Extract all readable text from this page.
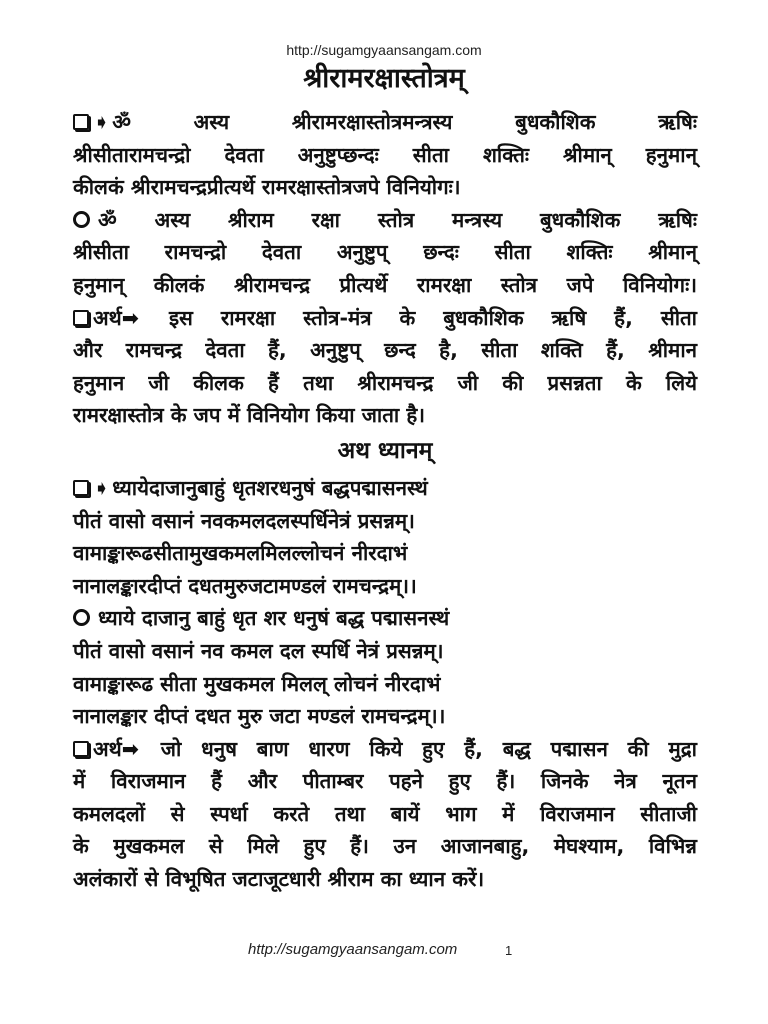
http://sugamgyaansangam.com
श्रीरामरक्षास्तोत्रम्

➧ॐ अस्य श्रीरामरक्षास्तोत्रमन्त्रस्य बुधकौशिक ऋषिः

श्रीसीतारामचन्द्रो देवता अनुष्टुप्छन्दः सीता शक्तिः श्रीमान् हनुमान्

कीलकं श्रीरामचन्द्रप्रीत्यर्थे रामरक्षास्तोत्रजपे विनियोगः।

ॐ अस्य श्रीराम रक्षा स्तोत्र मन्त्रस्य बुधकौशिक ऋषिः

श्रीसीता रामचन्द्रो देवता अनुष्टुप् छन्दः सीता शक्तिः श्रीमान्

हनुमान् कीलकं श्रीरामचन्द्र प्रीत्यर्थे रामरक्षा स्तोत्र जपे विनियोगः।

अर्थ➡ इस रामरक्षा स्तोत्र-मंत्र के बुधकौशिक ऋषि हैं, सीता

और रामचन्द्र देवता हैं, अनुष्टुप् छन्द है, सीता शक्ति हैं, श्रीमान

हनुमान जी कीलक हैं तथा श्रीरामचन्द्र जी की प्रसन्नता के लिये

रामरक्षास्तोत्र के जप में विनियोग किया जाता है।

अथ ध्यानम्

➧ध्यायेदाजानुबाहुं धृतशरधनुषं बद्धपद्मासनस्थं

पीतं वासो वसानं नवकमलदलस्पर्धिनेत्रं प्रसन्नम्।

वामाङ्कारूढसीतामुखकमलमिलल्लोचनं नीरदाभं

नानालङ्कारदीप्तं दधतमुरुजटामण्डलं रामचन्द्रम्।।

ध्याये दाजानु बाहुं धृत शर धनुषं बद्ध पद्मासनस्थं

पीतं वासो वसानं नव कमल दल स्पर्धि नेत्रं प्रसन्नम्।

वामाङ्कारूढ सीता मुखकमल मिलल् लोचनं नीरदाभं

नानालङ्कार दीप्तं दधत मुरु जटा मण्डलं रामचन्द्रम्।।

अर्थ➡ जो धनुष बाण धारण किये हुए हैं, बद्ध पद्मासन की मुद्रा

में विराजमान हैं और पीताम्बर पहने हुए हैं। जिनके नेत्र नूतन

कमलदलों से स्पर्धा करते तथा बायें भाग में विराजमान सीताजी

के मुखकमल से मिले हुए हैं। उन आजानबाहु, मेघश्याम, विभिन्न

अलंकारों से विभूषित जटाजूटधारी श्रीराम का ध्यान करें।

http://sugamgyaansangam.com	1
